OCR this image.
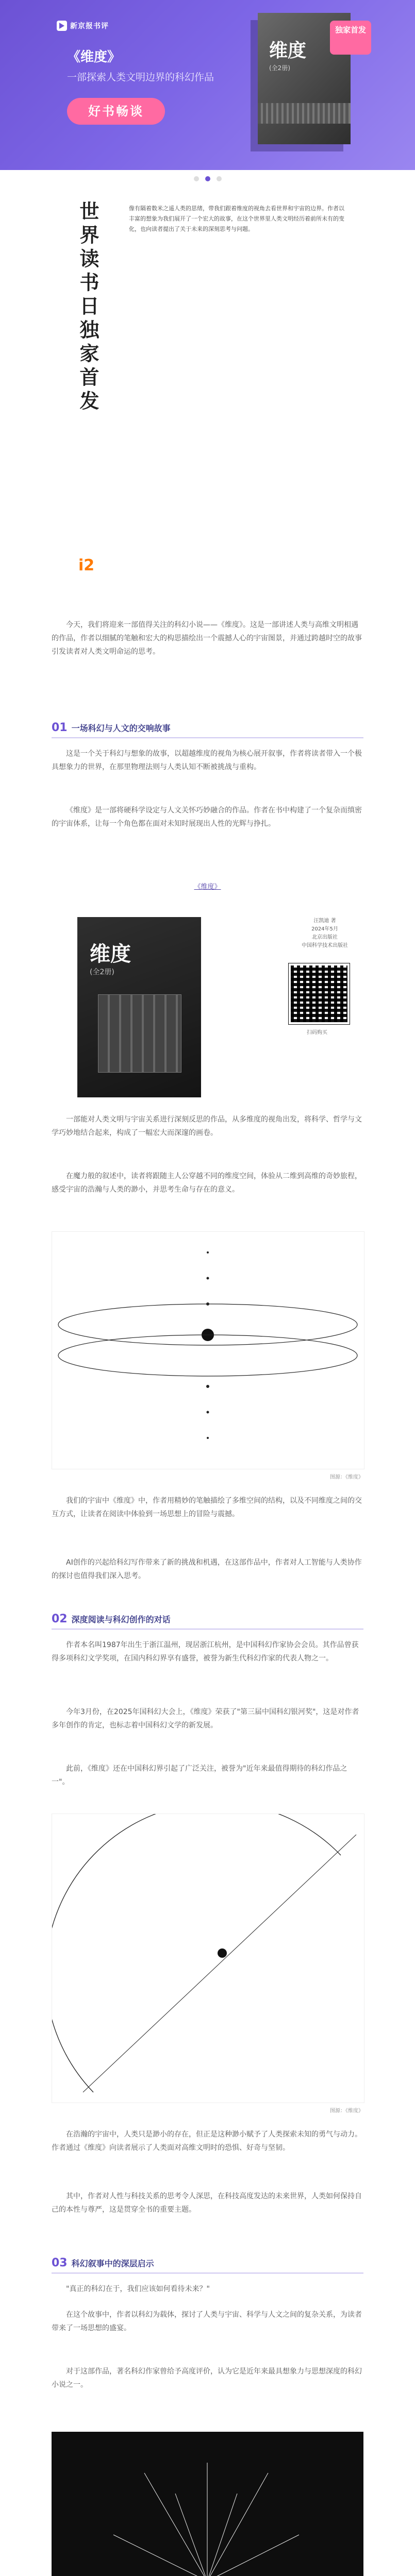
新京报书评
《维度》
一部探索人类文明边界的科幻作品
好书畅谈
维度
(全2册)
独家首发
世界读书日独家首发
i2
像有隔着数米之遥人类的思绪，带我们跟着维度的视角去看世界和宇宙的边界。作者以丰富的想象为我们展开了一个宏大的故事，在这个世界里人类文明经历着前所未有的变化，也向读者提出了关于未来的深刻思考与问题。
今天，我们将迎来一部值得关注的科幻小说——《维度》。这是一部讲述人类与高维文明相遇的作品，作者以细腻的笔触和宏大的构思描绘出一个震撼人心的宇宙图景，并通过跨越时空的故事引发读者对人类文明命运的思考。
01 一场科幻与人文的交响故事
这是一个关于科幻与想象的故事，以超越维度的视角为核心展开叙事，作者将读者带入一个极具想象力的世界，在那里物理法则与人类认知不断被挑战与重构。
《维度》是一部将硬科学设定与人文关怀巧妙融合的作品。作者在书中构建了一个复杂而缜密的宇宙体系，让每一个角色都在面对未知时展现出人性的光辉与挣扎。
《维度》
维度
(全2册)
汪凯迪 著
2024年5月
北京出版社
中国科学技术出版社
扫码购买
一部能对人类文明与宇宙关系进行深刻反思的作品，从多维度的视角出发，将科学、哲学与文学巧妙地结合起来，构成了一幅宏大而深邃的画卷。
在魔力般的叙述中，读者将跟随主人公穿越不同的维度空间，体验从二维到高维的奇妙旅程，感受宇宙的浩瀚与人类的渺小，并思考生命与存在的意义。
图源：《维度》
我们的宇宙中《维度》中，作者用精妙的笔触描绘了多维空间的结构，以及不同维度之间的交互方式，让读者在阅读中体验到一场思想上的冒险与震撼。
AI创作的兴起给科幻写作带来了新的挑战和机遇，在这部作品中，作者对人工智能与人类协作的探讨也值得我们深入思考。
02 深度阅读与科幻创作的对话
作者本名叫1987年出生于浙江温州，现居浙江杭州，是中国科幻作家协会会员。其作品曾获得多项科幻文学奖项，在国内科幻界享有盛誉，被誉为新生代科幻作家的代表人物之一。
今年3月份，在2025年国科幻大会上，《维度》荣获了"第三届中国科幻银河奖"，这是对作者多年创作的肯定，也标志着中国科幻文学的新发展。
此前，《维度》还在中国科幻界引起了广泛关注，被誉为"近年来最值得期待的科幻作品之一"。
图源：《维度》
在浩瀚的宇宙中，人类只是渺小的存在，但正是这种渺小赋予了人类探索未知的勇气与动力。作者通过《维度》向读者展示了人类面对高维文明时的恐惧、好奇与坚韧。
其中，作者对人性与科技关系的思考令人深思，在科技高度发达的未来世界，人类如何保持自己的本性与尊严，这是贯穿全书的重要主题。
03 科幻叙事中的深层启示
"真正的科幻在于，我们应该如何看待未来？"
在这个故事中，作者以科幻为载体，探讨了人类与宇宙、科学与人文之间的复杂关系，为读者带来了一场思想的盛宴。
对于这部作品，著名科幻作家曾给予高度评价，认为它是近年来最具想象力与思想深度的科幻小说之一。
